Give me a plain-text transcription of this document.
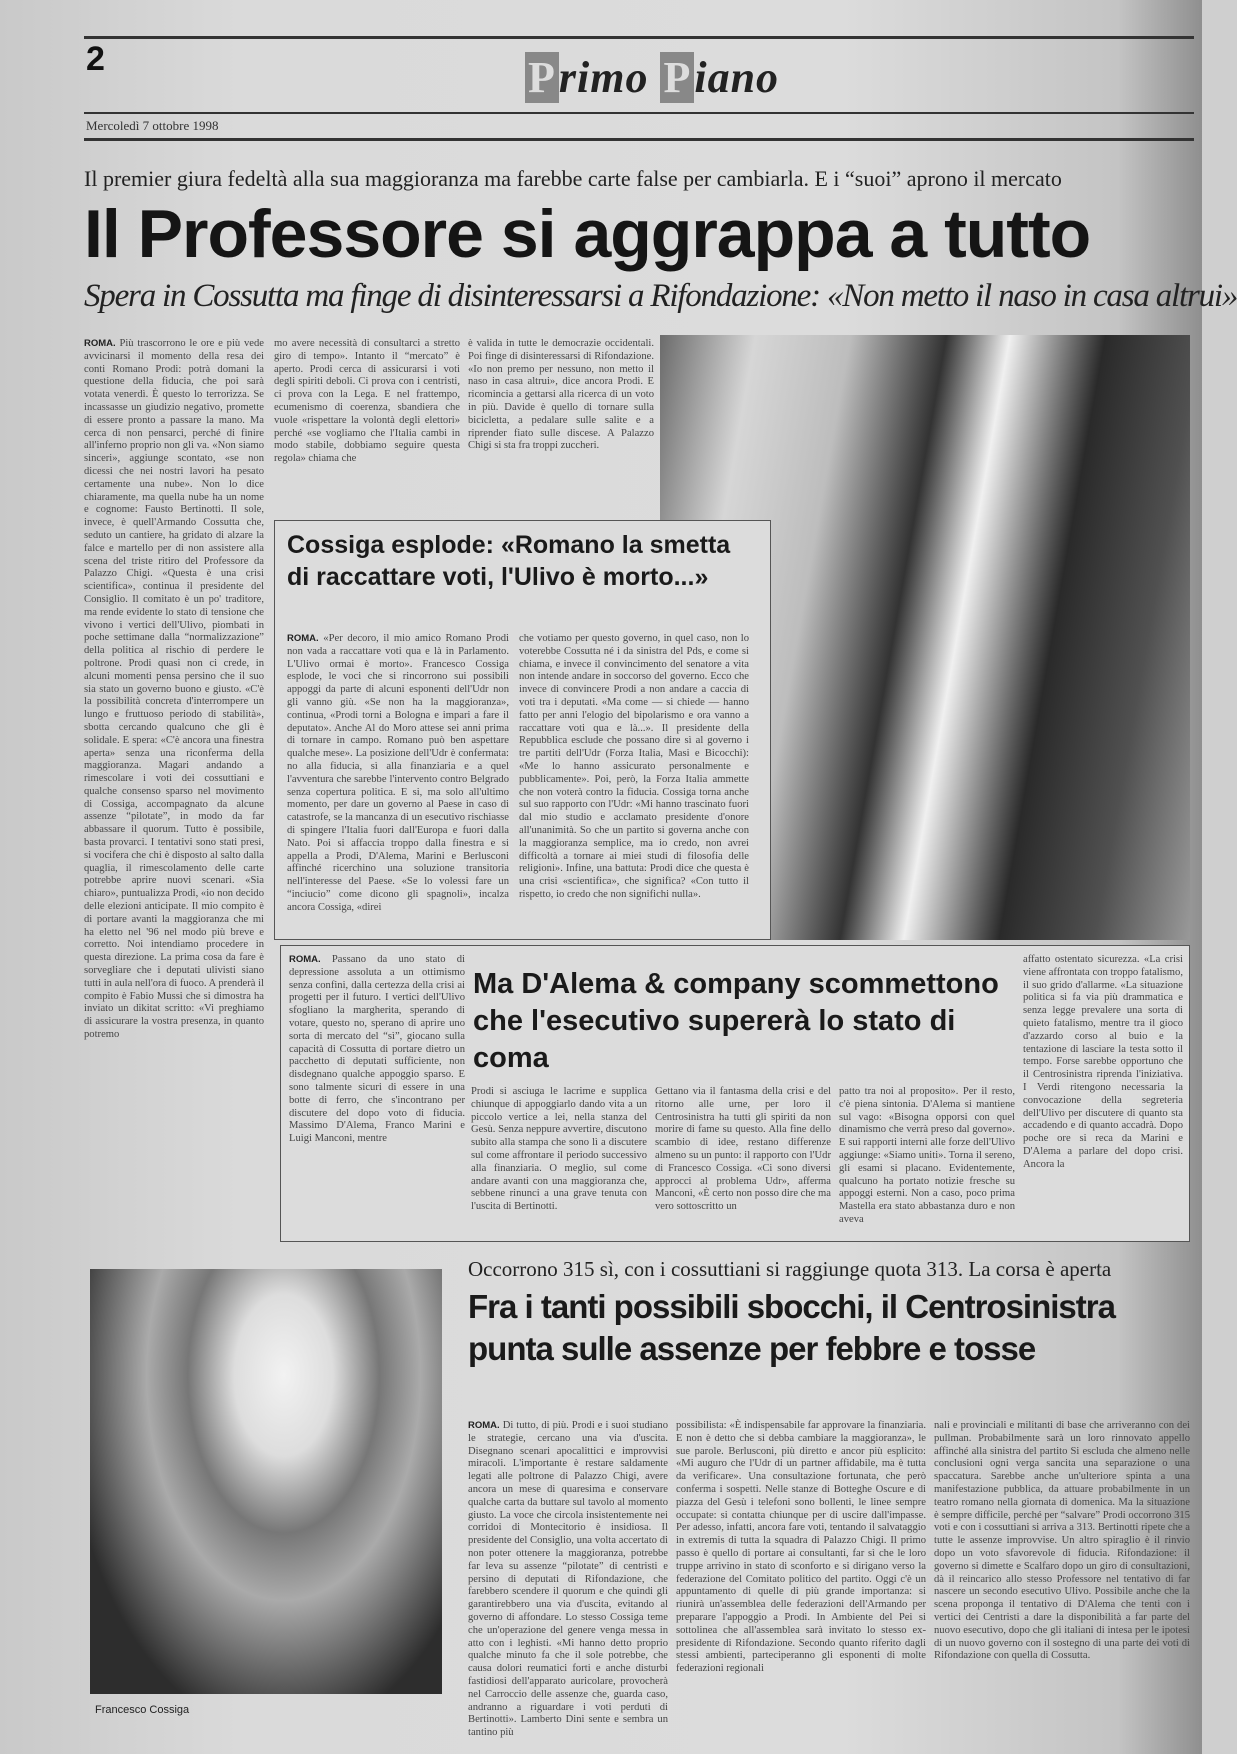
2	Primo Piano
Mercoledì 7 ottobre 1998
Il premier giura fedeltà alla sua maggioranza ma farebbe carte false per cambiarla. E i “suoi” aprono il mercato
Il Professore si aggrappa a tutto
Spera in Cossutta ma finge di disinteressarsi a Rifondazione: «Non metto il naso in casa altrui»
ROMA. Più trascorrono le ore e più vede avvicinarsi il momento della resa dei conti Romano Prodi: potrà domani la questione della fiducia, che poi sarà votata venerdì. È questo lo terrorizza. Se incassasse un giudizio negativo, promette di essere pronto a passare la mano. Ma cerca di non pensarci, perché di finire all'inferno proprio non gli va. «Non siamo sinceri», aggiunge scontato, «se non dicessi che nei nostri lavori ha pesato certamente una nube». Non lo dice chiaramente, ma quella nube ha un nome e cognome: Fausto Bertinotti. Il sole, invece, è quell'Armando Cossutta che, seduto un cantiere, ha gridato di alzare la falce e martello per di non assistere alla scena del triste ritiro del Professore da Palazzo Chigi. «Questa è una crisi scientifica», continua il presidente del Consiglio. Il comitato è un po' traditore, ma rende evidente lo stato di tensione che vivono i vertici dell'Ulivo, piombati in poche settimane dalla “normalizzazione” della politica al rischio di perdere le poltrone. Prodi quasi non ci crede, in alcuni momenti pensa persino che il suo sia stato un governo buono e giusto. «C'è la possibilità concreta d'interrompere un lungo e fruttuoso periodo di stabilità», sbotta cercando qualcuno che gli è solidale. E spera: «C'è ancora una finestra aperta» senza una riconferma della maggioranza. Magari andando a rimescolare i voti dei cossuttiani e qualche consenso sparso nel movimento di Cossiga, accompagnato da alcune assenze “pilotate”, in modo da far abbassare il quorum. Tutto è possibile, basta provarci. I tentativi sono stati presi, si vocifera che chi è disposto al salto dalla quaglia, il rimescolamento delle carte potrebbe aprire nuovi scenari. «Sia chiaro», puntualizza Prodi, «io non decido delle elezioni anticipate. Il mio compito è di portare avanti la maggioranza che mi ha eletto nel '96 nel modo più breve e corretto. Noi intendiamo procedere in questa direzione. La prima cosa da fare è sorvegliare che i deputati ulivisti siano tutti in aula nell'ora di fuoco. A prenderà il compito è Fabio Mussi che si dimostra ha inviato un dikitat scritto: «Vi preghiamo di assicurare la vostra presenza, in quanto potremo
mo avere necessità di consultarci a stretto giro di tempo». Intanto il “mercato” è aperto. Prodi cerca di assicurarsi i voti degli spiriti deboli. Ci prova con i centristi, ci prova con la Lega. E nel frattempo, ecumenismo di coerenza, sbandiera che vuole «rispettare la volontà degli elettori» perché «se vogliamo che l'Italia cambi in modo stabile, dobbiamo seguire questa regola» chiama che
è valida in tutte le democrazie occidentali. Poi finge di disinteressarsi di Rifondazione. «Io non premo per nessuno, non metto il naso in casa altrui», dice ancora Prodi. E ricomincia a gettarsi alla ricerca di un voto in più. Davide è quello di tornare sulla bicicletta, a pedalare sulle salite e a riprender fiato sulle discese. A Palazzo Chigi si sta fra troppi zuccheri.
Cossiga esplode: «Romano la smetta di raccattare voti, l'Ulivo è morto...»
ROMA. «Per decoro, il mio amico Romano Prodi non vada a raccattare voti qua e là in Parlamento. L'Ulivo ormai è morto». Francesco Cossiga esplode, le voci che si rincorrono sui possibili appoggi da parte di alcuni esponenti dell'Udr non gli vanno giù. «Se non ha la maggioranza», continua, «Prodi torni a Bologna e impari a fare il deputato». Anche Al do Moro attese sei anni prima di tornare in campo. Romano può ben aspettare qualche mese». La posizione dell'Udr è confermata: no alla fiducia, sì alla finanziaria e a quel l'avventura che sarebbe l'intervento contro Belgrado senza copertura politica. E si, ma solo all'ultimo momento, per dare un governo al Paese in caso di catastrofe, se la mancanza di un esecutivo rischiasse di spingere l'Italia fuori dall'Europa e fuori dalla Nato. Poi si affaccia troppo dalla finestra e si appella a Prodi, D'Alema, Marini e Berlusconi affinché ricerchino una soluzione transitoria nell'interesse del Paese. «Se lo volessi fare un “inciucio” come dicono gli spagnoli», incalza ancora Cossiga, «direi
che votiamo per questo governo, in quel caso, non lo voterebbe Cossutta né i da sinistra del Pds, e come si chiama, e invece il convincimento del senatore a vita non intende andare in soccorso del governo. Ecco che invece di convincere Prodi a non andare a caccia di voti tra i deputati. «Ma come — si chiede — hanno fatto per anni l'elogio del bipolarismo e ora vanno a raccattare voti qua e là...». Il presidente della Repubblica esclude che possano dire sì al governo i tre partiti dell'Udr (Forza Italia, Masi e Bicocchi): «Me lo hanno assicurato personalmente e pubblicamente». Poi, però, la Forza Italia ammette che non voterà contro la fiducia. Cossiga torna anche sul suo rapporto con l'Udr: «Mi hanno trascinato fuori dal mio studio e acclamato presidente d'onore all'unanimità. So che un partito si governa anche con la maggioranza semplice, ma io credo, non avrei difficoltà a tornare ai miei studi di filosofia delle religioni». Infine, una battuta: Prodi dice che questa è una crisi «scientifica», che significa? «Con tutto il rispetto, io credo che non significhi nulla».
ROMA. Passano da uno stato di depressione assoluta a un ottimismo senza confini, dalla certezza della crisi ai progetti per il futuro. I vertici dell'Ulivo sfogliano la margherita, sperando di votare, questo no, sperano di aprire uno sorta di mercato del “sì”, giocano sulla capacità di Cossutta di portare dietro un pacchetto di deputati sufficiente, non disdegnano qualche appoggio sparso. E sono talmente sicuri di essere in una botte di ferro, che s'incontrano per discutere del dopo voto di fiducia. Massimo D'Alema, Franco Marini e Luigi Manconi, mentre
Ma D'Alema & company scommettono che l'esecutivo supererà lo stato di coma
Prodi si asciuga le lacrime e supplica chiunque di appoggiarlo dando vita a un piccolo vertice a lei, nella stanza del Gesù. Senza neppure avvertire, discutono subito alla stampa che sono lì a discutere sul come affrontare il periodo successivo alla finanziaria. O meglio, sul come andare avanti con una maggioranza che, sebbene rinunci a una grave tenuta con l'uscita di Bertinotti.
Gettano via il fantasma della crisi e del ritorno alle urne, per loro il Centrosinistra ha tutti gli spiriti da non morire di fame su questo. Alla fine dello scambio di idee, restano differenze almeno su un punto: il rapporto con l'Udr di Francesco Cossiga. «Ci sono diversi approcci al problema Udr», afferma Manconi, «È certo non posso dire che ma vero sottoscritto un
patto tra noi al proposito». Per il resto, c'è piena sintonia. D'Alema si mantiene sul vago: «Bisogna opporsi con quel dinamismo che verrà preso dal governo». E sui rapporti interni alle forze dell'Ulivo aggiunge: «Siamo uniti». Torna il sereno, gli esami si placano. Evidentemente, qualcuno ha portato notizie fresche su appoggi esterni. Non a caso, poco prima Mastella era stato abbastanza duro e non aveva
affatto ostentato sicurezza. «La crisi viene affrontata con troppo fatalismo, il suo grido d'allarme. «La situazione politica si fa via più drammatica e senza legge prevalere una sorta di quieto fatalismo, mentre tra il gioco d'azzardo corso al buio e la tentazione di lasciare la testa sotto il tempo. Forse sarebbe opportuno che il Centrosinistra riprenda l'iniziativa. I Verdi ritengono necessaria la convocazione della segreteria dell'Ulivo per discutere di quanto sta accadendo e di quanto accadrà. Dopo poche ore si reca da Marini e D'Alema a parlare del dopo crisi. Ancora la
Francesco Cossiga
Occorrono 315 sì, con i cossuttiani si raggiunge quota 313. La corsa è aperta
Fra i tanti possibili sbocchi, il Centrosinistra punta sulle assenze per febbre e tosse
ROMA. Di tutto, di più. Prodi e i suoi studiano le strategie, cercano una via d'uscita. Disegnano scenari apocalittici e improvvisi miracoli. L'importante è restare saldamente legati alle poltrone di Palazzo Chigi, avere ancora un mese di quaresima e conservare qualche carta da buttare sul tavolo al momento giusto. La voce che circola insistentemente nei corridoi di Montecitorio è insidiosa. Il presidente del Consiglio, una volta accertato di non poter ottenere la maggioranza, potrebbe far leva su assenze “pilotate” di centristi e persino di deputati di Rifondazione, che farebbero scendere il quorum e che quindi gli garantirebbero una via d'uscita, evitando al governo di affondare. Lo stesso Cossiga teme che un'operazione del genere venga messa in atto con i leghisti. «Mi hanno detto proprio qualche minuto fa che il sole potrebbe, che causa dolori reumatici forti e anche disturbi fastidiosi dell'apparato auricolare, provocherà nel Carroccio delle assenze che, guarda caso, andranno a riguardare i voti perduti di Bertinotti». Lamberto Dini sente e sembra un tantino più
possibilista: «È indispensabile far approvare la finanziaria. E non è detto che si debba cambiare la maggioranza», le sue parole. Berlusconi, più diretto e ancor più esplicito: «Mi auguro che l'Udr di un partner affidabile, ma è tutta da verificare». Una consultazione fortunata, che però conferma i sospetti. Nelle stanze di Botteghe Oscure e di piazza del Gesù i telefoni sono bollenti, le linee sempre occupate: si contatta chiunque per di uscire dall'impasse. Per adesso, infatti, ancora fare voti, tentando il salvataggio in extremis di tutta la squadra di Palazzo Chigi. Il primo passo è quello di portare ai consultanti, far sì che le loro truppe arrivino in stato di sconforto e si dirigano verso la federazione del Comitato politico del partito. Oggi c'è un appuntamento di quelle di più grande importanza: si riunirà un'assemblea delle federazioni dell'Armando per preparare l'appoggio a Prodi. In Ambiente del Pei si sottolinea che all'assemblea sarà invitato lo stesso ex-presidente di Rifondazione. Secondo quanto riferito dagli stessi ambienti, parteciperanno gli esponenti di molte federazioni regionali
nali e provinciali e militanti di base che arriveranno con dei pullman. Probabilmente sarà un loro rinnovato appello affinché alla sinistra del partito Si escluda che almeno nelle conclusioni ogni verga sancita una separazione o una spaccatura. Sarebbe anche un'ulteriore spinta a una manifestazione pubblica, da attuare probabilmente in un teatro romano nella giornata di domenica. Ma la situazione è sempre difficile, perché per “salvare” Prodi occorrono 315 voti e con i cossuttiani si arriva a 313. Bertinotti ripete che a tutte le assenze improvvise. Un altro spiraglio è il rinvio dopo un voto sfavorevole di fiducia. Rifondazione: il governo si dimette e Scalfaro dopo un giro di consultazioni, dà il reincarico allo stesso Professore nel tentativo di far nascere un secondo esecutivo Ulivo. Possibile anche che la scena proponga il tentativo di D'Alema che tenti con i vertici dei Centristi a dare la disponibilità a far parte del nuovo esecutivo, dopo che gli italiani di intesa per le ipotesi di un nuovo governo con il sostegno di una parte dei voti di Rifondazione con quella di Cossutta.
